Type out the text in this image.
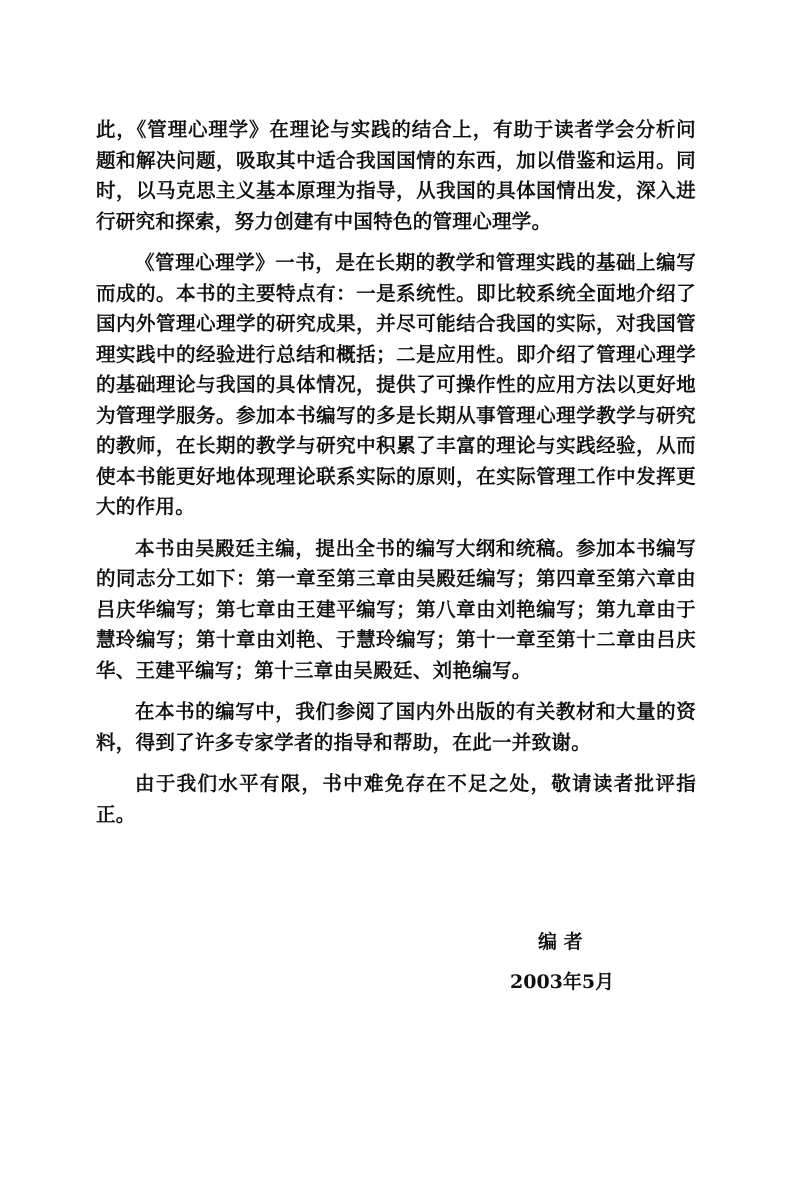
此，《管理心理学》在理论与实践的结合上，有助于读者学会分析问题和解决问题，吸取其中适合我国国情的东西，加以借鉴和运用。同时，以马克思主义基本原理为指导，从我国的具体国情出发，深入进行研究和探索，努力创建有中国特色的管理心理学。

《管理心理学》一书，是在长期的教学和管理实践的基础上编写而成的。本书的主要特点有：一是系统性。即比较系统全面地介绍了国内外管理心理学的研究成果，并尽可能结合我国的实际，对我国管理实践中的经验进行总结和概括；二是应用性。即介绍了管理心理学的基础理论与我国的具体情况，提供了可操作性的应用方法以更好地为管理学服务。参加本书编写的多是长期从事管理心理学教学与研究的教师，在长期的教学与研究中积累了丰富的理论与实践经验，从而使本书能更好地体现理论联系实际的原则，在实际管理工作中发挥更大的作用。

本书由吴殿廷主编，提出全书的编写大纲和统稿。参加本书编写的同志分工如下：第一章至第三章由吴殿廷编写；第四章至第六章由吕庆华编写；第七章由王建平编写；第八章由刘艳编写；第九章由于慧玲编写；第十章由刘艳、于慧玲编写；第十一章至第十二章由吕庆华、王建平编写；第十三章由吴殿廷、刘艳编写。

在本书的编写中，我们参阅了国内外出版的有关教材和大量的资料，得到了许多专家学者的指导和帮助，在此一并致谢。

由于我们水平有限，书中难免存在不足之处，敬请读者批评指正。

编 者
2003年5月
